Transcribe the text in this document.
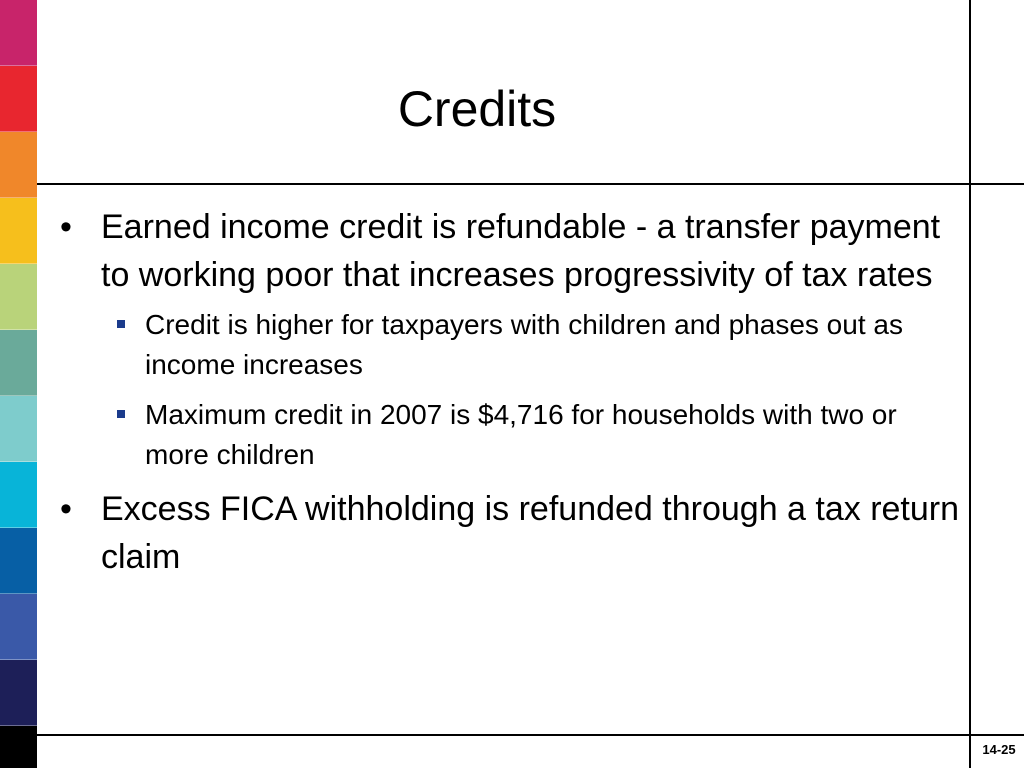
Credits
• Earned income credit is refundable - a transfer payment to working poor that increases progressivity of tax rates
Credit is higher for taxpayers with children and phases out as income increases
Maximum credit in 2007 is $4,716 for households with two or more children
• Excess FICA withholding is refunded through a tax return claim
14-25
